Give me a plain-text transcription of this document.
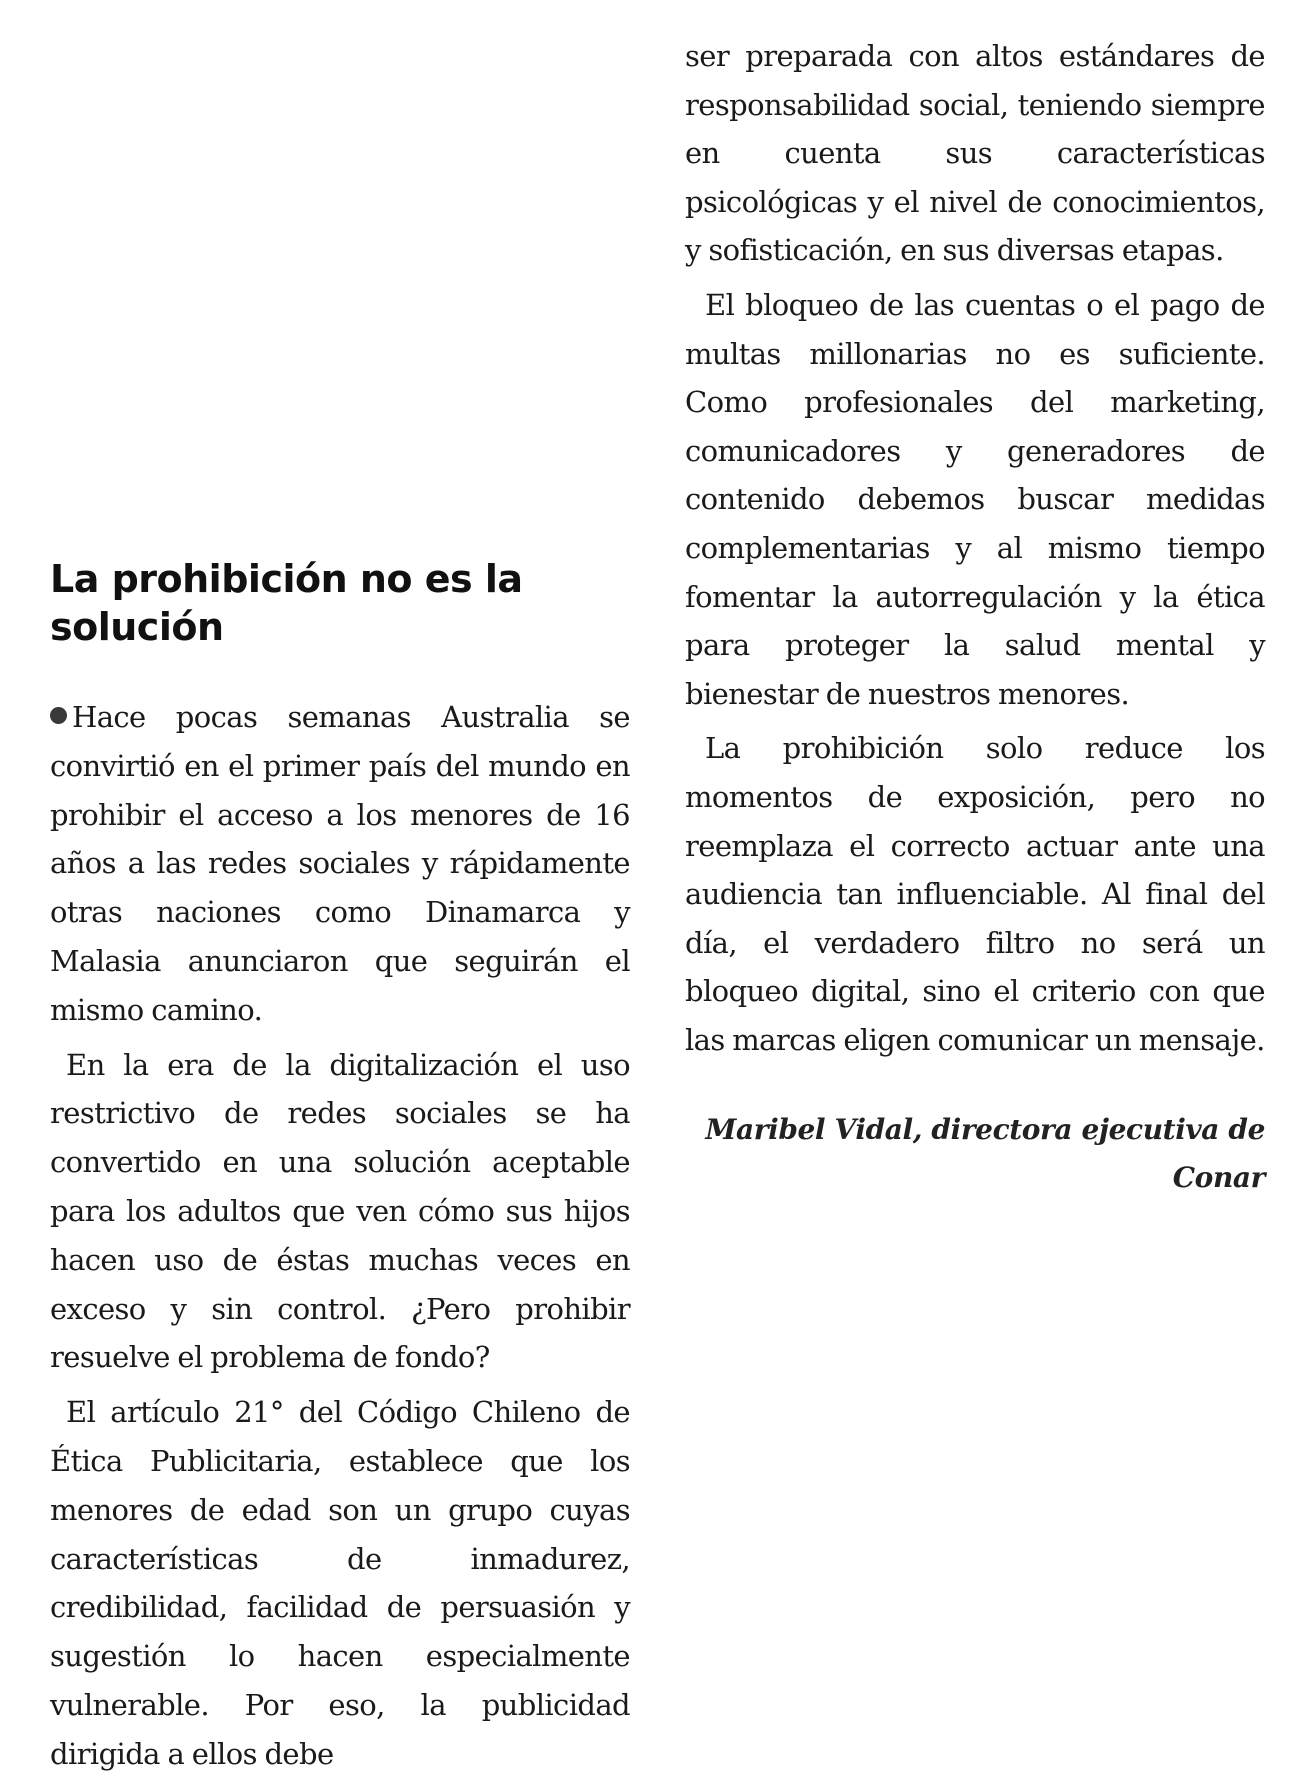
La prohibición no es la solución

Hace pocas semanas Australia se convirtió en el primer país del mundo en prohibir el acceso a los menores de 16 años a las redes sociales y rápidamente otras naciones como Dinamarca y Malasia anunciaron que seguirán el mismo camino.

En la era de la digitalización el uso restrictivo de redes sociales se ha convertido en una solución aceptable para los adultos que ven cómo sus hijos hacen uso de éstas muchas veces en exceso y sin control. ¿Pero prohibir resuelve el problema de fondo?

El artículo 21° del Código Chileno de Ética Publicitaria, establece que los menores de edad son un grupo cuyas características de inmadurez, credibilidad, facilidad de persuasión y sugestión lo hacen especialmente vulnerable. Por eso, la publicidad dirigida a ellos debe

ser preparada con altos estándares de responsabilidad social, teniendo siempre en cuenta sus características psicológicas y el nivel de conocimientos, y sofisticación, en sus diversas etapas.

El bloqueo de las cuentas o el pago de multas millonarias no es suficiente. Como profesionales del marketing, comunicadores y generadores de contenido debemos buscar medidas complementarias y al mismo tiempo fomentar la autorregulación y la ética para proteger la salud mental y bienestar de nuestros menores.

La prohibición solo reduce los momentos de exposición, pero no reemplaza el correcto actuar ante una audiencia tan influenciable. Al final del día, el verdadero filtro no será un bloqueo digital, sino el criterio con que las marcas eligen comunicar un mensaje.

Maribel Vidal, directora ejecutiva de Conar
